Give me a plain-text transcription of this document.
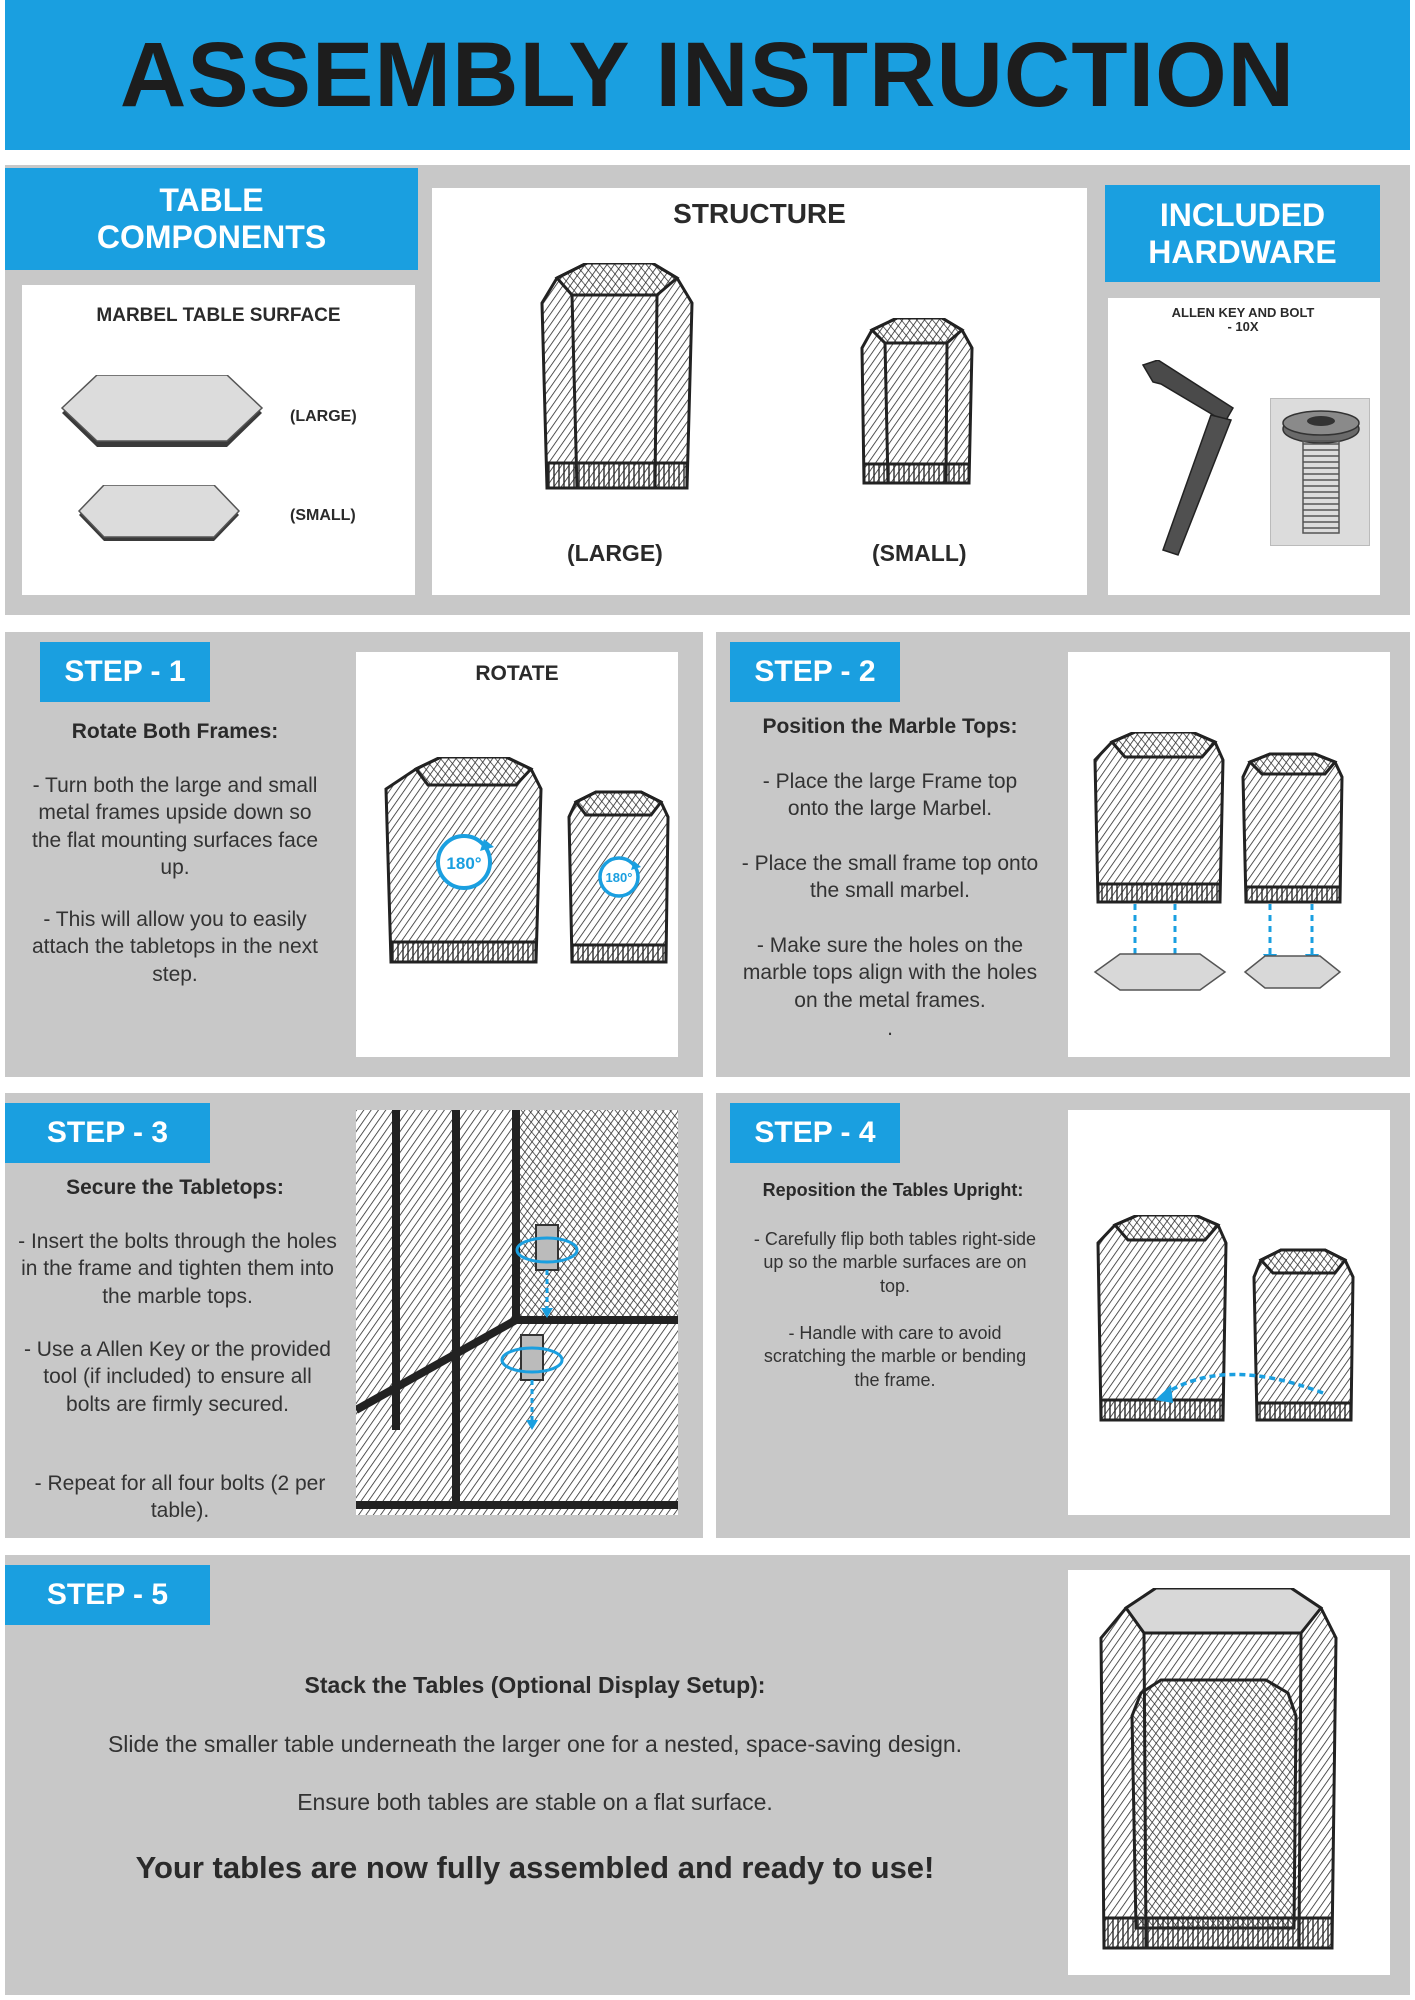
ASSEMBLY INSTRUCTION
TABLE COMPONENTS
MARBEL TABLE SURFACE
(LARGE)
(SMALL)
STRUCTURE
(LARGE)	(SMALL)
INCLUDED HARDWARE
ALLEN KEY AND BOLT - 10X
STEP - 1
Rotate Both Frames:
- Turn both the large and small metal frames upside down so the flat mounting surfaces face up.
- This will allow you to easily attach the tabletops in the next step.
ROTATE
180°
180°
STEP - 2
Position the Marble Tops:
- Place the large Frame top onto the large Marbel.
- Place the small frame top onto the small marbel.
- Make sure the holes on the marble tops align with the holes on the metal frames.
.
STEP - 3
Secure the Tabletops:
- Insert the bolts through the holes in the frame and tighten them into the marble tops.
- Use a Allen Key or the provided tool (if included) to ensure all bolts are firmly secured.
- Repeat for all four bolts (2 per table).
STEP - 4
Reposition the Tables Upright:
- Carefully flip both tables right-side up so the marble surfaces are on top.
- Handle with care to avoid scratching the marble or bending the frame.
STEP - 5
Stack the Tables (Optional Display Setup):
Slide the smaller table underneath the larger one for a nested, space-saving design.
Ensure both tables are stable on a flat surface.
Your tables are now fully assembled and ready to use!
